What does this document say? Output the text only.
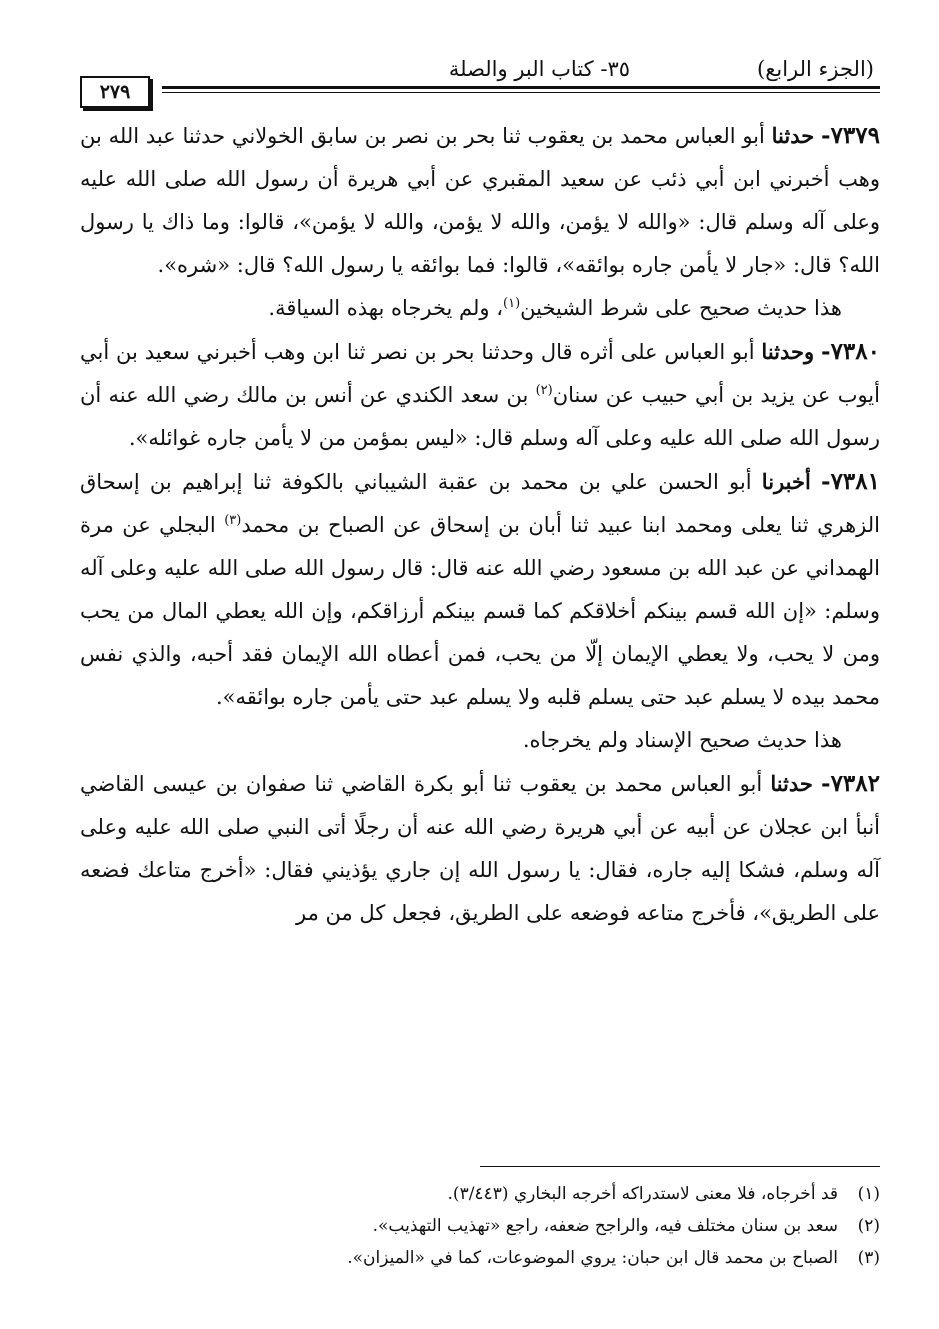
(الجزء الرابع)
٣٥- كتاب البر والصلة
٢٧٩

٧٣٧٩- حدثنا أبو العباس محمد بن يعقوب ثنا بحر بن نصر بن سابق الخولاني حدثنا عبد الله بن وهب أخبرني ابن أبي ذئب عن سعيد المقبري عن أبي هريرة أن رسول الله صلى الله عليه وعلى آله وسلم قال: «والله لا يؤمن، والله لا يؤمن، والله لا يؤمن»، قالوا: وما ذاك يا رسول الله؟ قال: «جار لا يأمن جاره بوائقه»، قالوا: فما بوائقه يا رسول الله؟ قال: «شره».

هذا حديث صحيح على شرط الشيخين$^{(١)}$، ولم يخرجاه بهذه السياقة.

٧٣٨٠- وحدثنا أبو العباس على أثره قال وحدثنا بحر بن نصر ثنا ابن وهب أخبرني سعيد بن أبي أيوب عن يزيد بن أبي حبيب عن سنان$^{(٢)}$ بن سعد الكندي عن أنس بن مالك رضي الله عنه أن رسول الله صلى الله عليه وعلى آله وسلم قال: «ليس بمؤمن من لا يأمن جاره غوائله».

٧٣٨١- أخبرنا أبو الحسن علي بن محمد بن عقبة الشيباني بالكوفة ثنا إبراهيم بن إسحاق الزهري ثنا يعلى ومحمد ابنا عبيد ثنا أبان بن إسحاق عن الصباح بن محمد$^{(٣)}$ البجلي عن مرة الهمداني عن عبد الله بن مسعود رضي الله عنه قال: قال رسول الله صلى الله عليه وعلى آله وسلم: «إن الله قسم بينكم أخلاقكم كما قسم بينكم أرزاقكم، وإن الله يعطي المال من يحب ومن لا يحب، ولا يعطي الإيمان إلّا من يحب، فمن أعطاه الله الإيمان فقد أحبه، والذي نفس محمد بيده لا يسلم عبد حتى يسلم قلبه ولا يسلم عبد حتى يأمن جاره بوائقه».

هذا حديث صحيح الإسناد ولم يخرجاه.

٧٣٨٢- حدثنا أبو العباس محمد بن يعقوب ثنا أبو بكرة القاضي ثنا صفوان بن عيسى القاضي أنبأ ابن عجلان عن أبيه عن أبي هريرة رضي الله عنه أن رجلًا أتى النبي صلى الله عليه وعلى آله وسلم، فشكا إليه جاره، فقال: يا رسول الله إن جاري يؤذيني فقال: «أخرج متاعك فضعه على الطريق»، فأخرج متاعه فوضعه على الطريق، فجعل كل من مر

(١)
قد أخرجاه، فلا معنى لاستدراكه أخرجه البخاري (٣/٤٤٣).
(٢)
سعد بن سنان مختلف فيه، والراجح ضعفه، راجع «تهذيب التهذيب».
(٣)
الصباح بن محمد قال ابن حبان: يروي الموضوعات، كما في «الميزان».
